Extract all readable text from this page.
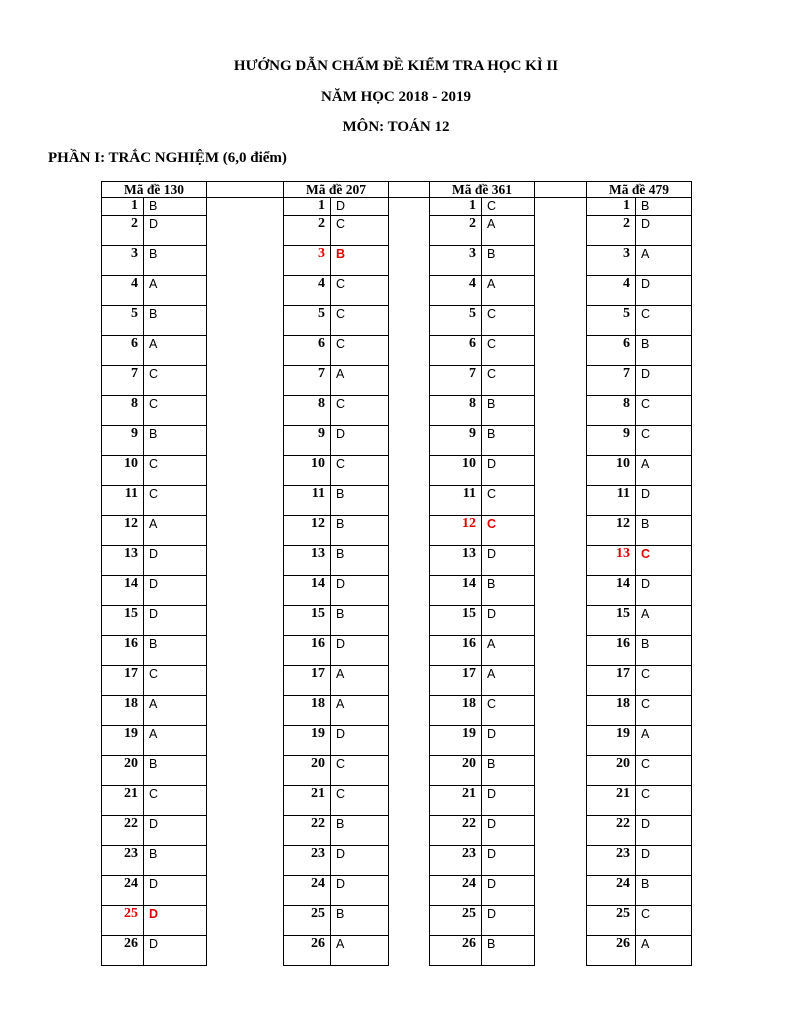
HƯỚNG DẪN CHẤM ĐỀ KIỂM TRA HỌC KÌ II
NĂM HỌC 2018 - 2019
MÔN: TOÁN 12
PHẦN I: TRẮC NGHIỆM (6,0 điểm)
Mã đề 130			Mã đề 207			Mã đề 361			Mã đề 479	
1	B		1	D		1	C		1	B
2	D		2	C		2	A		2	D
3	B		3	B		3	B		3	A
4	A		4	C		4	A		4	D
5	B		5	C		5	C		5	C
6	A		6	C		6	C		6	B
7	C		7	A		7	C		7	D
8	C		8	C		8	B		8	C
9	B		9	D		9	B		9	C
10	C		10	C		10	D		10	A
11	C		11	B		11	C		11	D
12	A		12	B		12	C		12	B
13	D		13	B		13	D		13	C
14	D		14	D		14	B		14	D
15	D		15	B		15	D		15	A
16	B		16	D		16	A		16	B
17	C		17	A		17	A		17	C
18	A		18	A		18	C		18	C
19	A		19	D		19	D		19	A
20	B		20	C		20	B		20	C
21	C		21	C		21	D		21	C
22	D		22	B		22	D		22	D
23	B		23	D		23	D		23	D
24	D		24	D		24	D		24	B
25	D		25	B		25	D		25	C
26	D		26	A		26	B		26	A
